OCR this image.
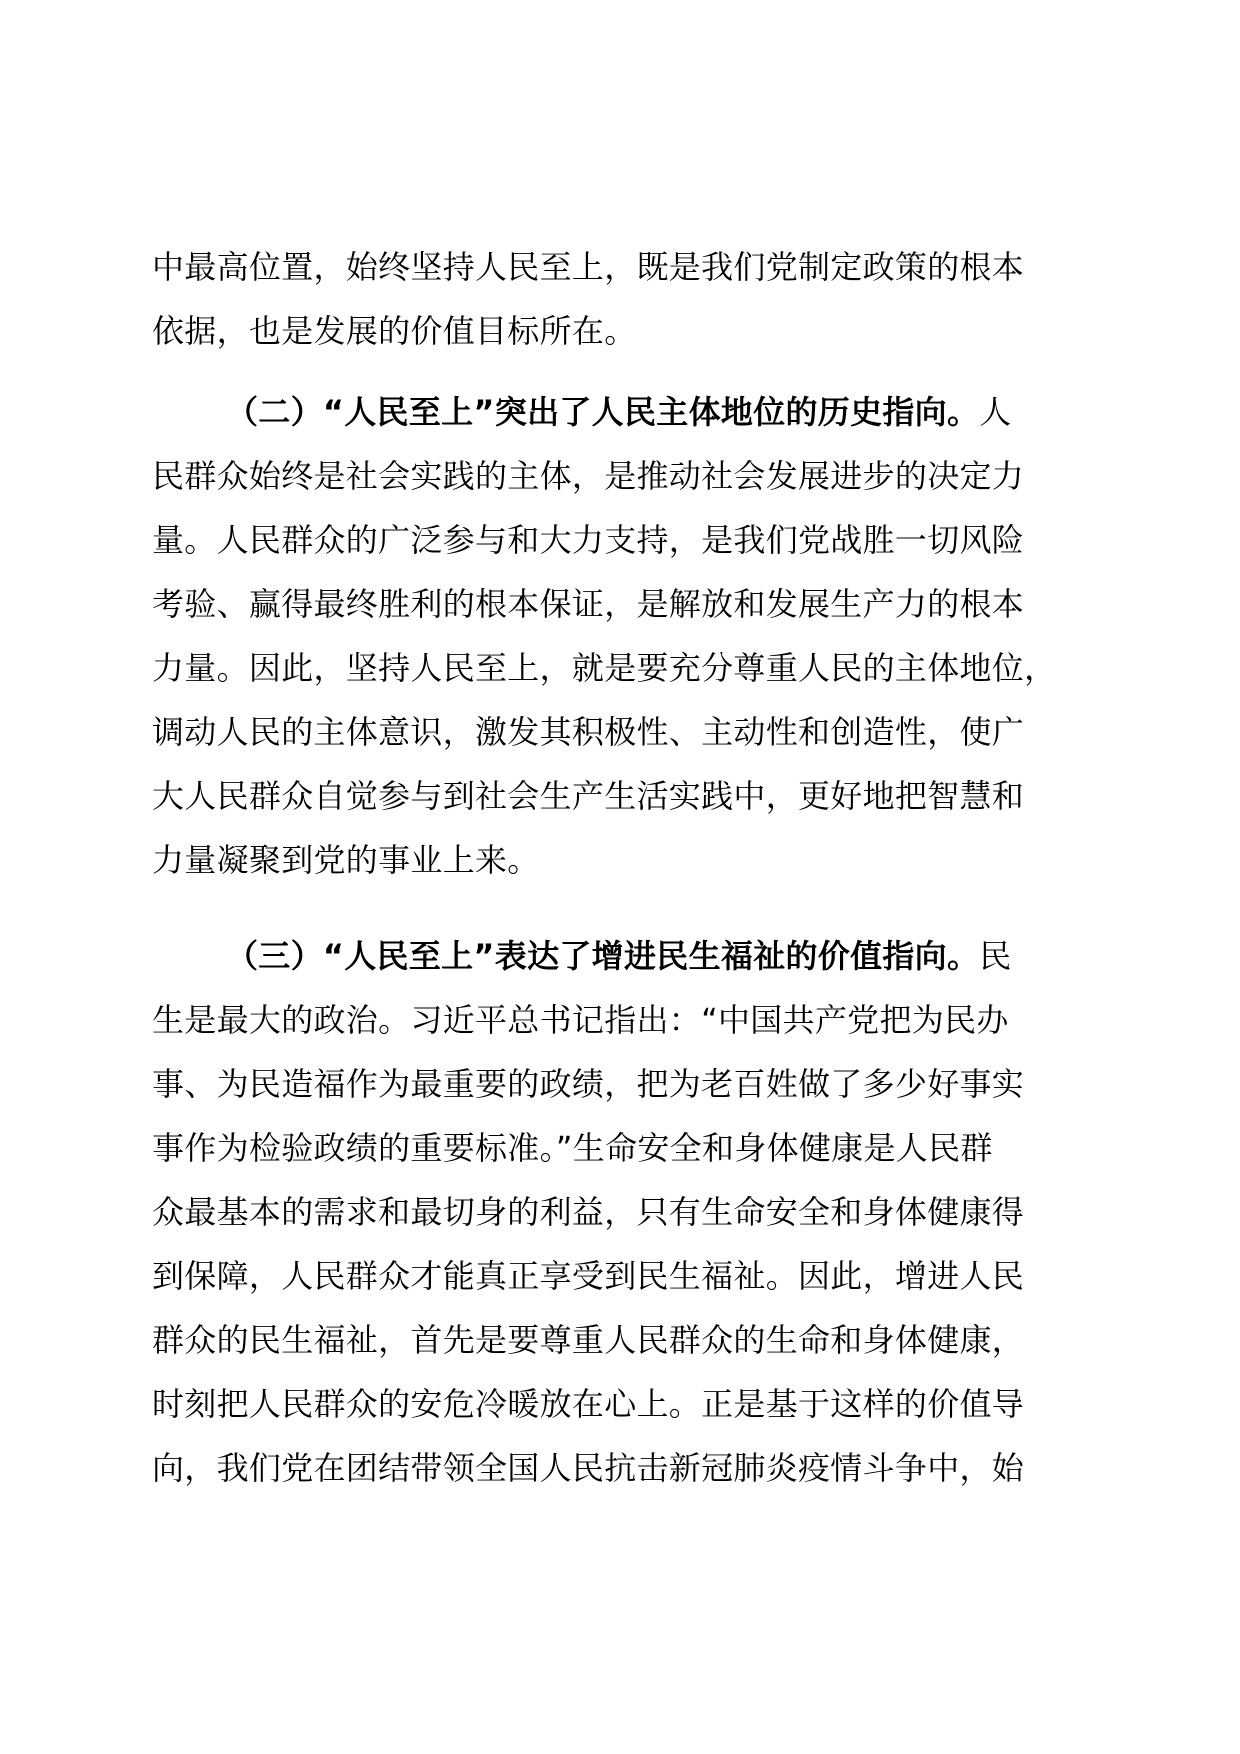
中最高位置，始终坚持人民至上，既是我们党制定政策的根本
依据，也是发展的价值目标所在。
（二）“人民至上”突出了人民主体地位的历史指向。人
民群众始终是社会实践的主体，是推动社会发展进步的决定力
量。人民群众的广泛参与和大力支持，是我们党战胜一切风险
考验、赢得最终胜利的根本保证，是解放和发展生产力的根本
力量。因此，坚持人民至上，就是要充分尊重人民的主体地位，
调动人民的主体意识，激发其积极性、主动性和创造性，使广
大人民群众自觉参与到社会生产生活实践中，更好地把智慧和
力量凝聚到党的事业上来。
（三）“人民至上”表达了增进民生福祉的价值指向。民
生是最大的政治。习近平总书记指出：“中国共产党把为民办
事、为民造福作为最重要的政绩，把为老百姓做了多少好事实
事作为检验政绩的重要标准。”生命安全和身体健康是人民群
众最基本的需求和最切身的利益，只有生命安全和身体健康得
到保障，人民群众才能真正享受到民生福祉。因此，增进人民
群众的民生福祉，首先是要尊重人民群众的生命和身体健康，
时刻把人民群众的安危冷暖放在心上。正是基于这样的价值导
向，我们党在团结带领全国人民抗击新冠肺炎疫情斗争中，始
